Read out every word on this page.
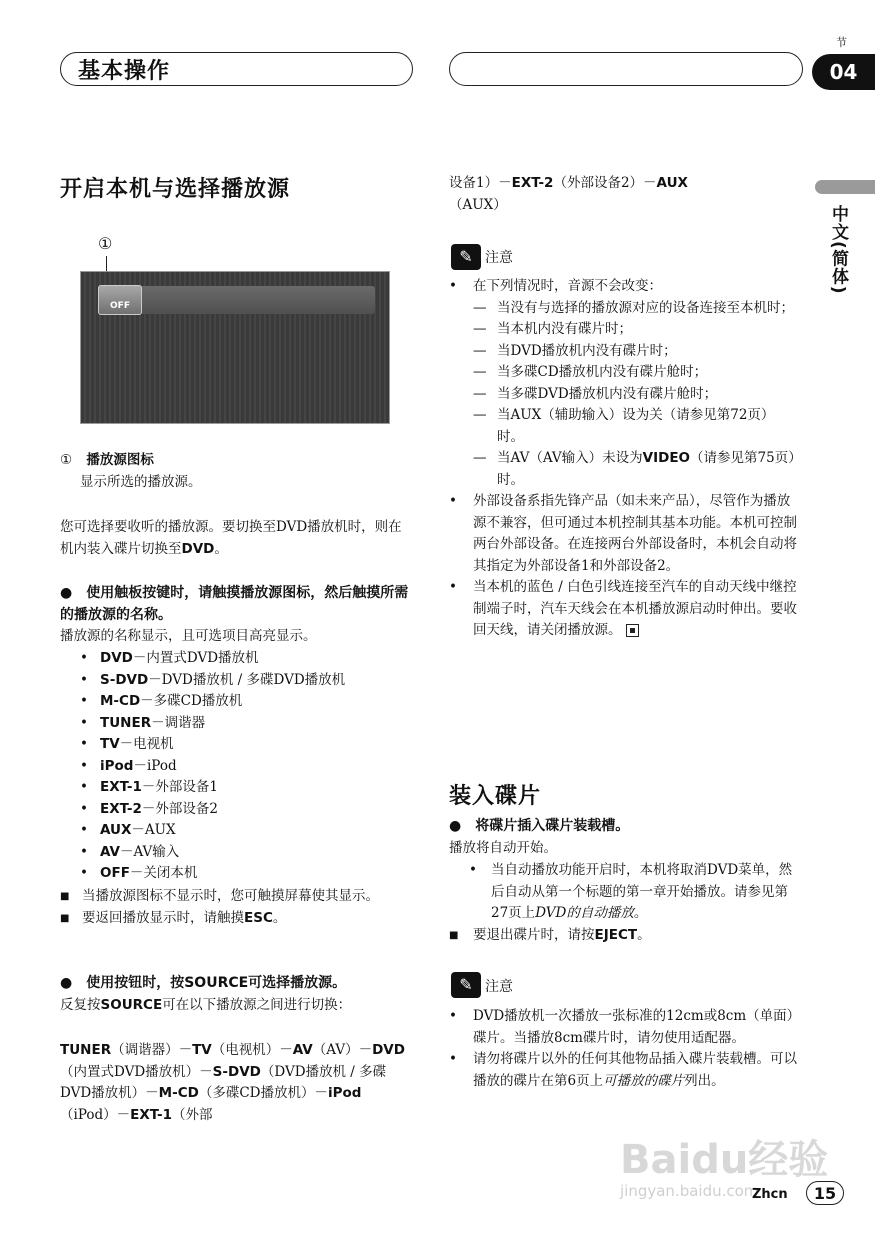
基本操作
节
04
中文(简体)
开启本机与选择播放源
①
OFF
① 播放源图标
显示所选的播放源。
您可选择要收听的播放源。要切换至DVD播放机时，则在机内装入碟片切换至DVD。
●　使用触板按键时，请触摸播放源图标，然后触摸所需的播放源的名称。
播放源的名称显示，且可选项目高亮显示。
• DVD－内置式DVD播放机
• S-DVD－DVD播放机 / 多碟DVD播放机
• M-CD－多碟CD播放机
• TUNER－调谐器
• TV－电视机
• iPod－iPod
• EXT-1－外部设备1
• EXT-2－外部设备2
• AUX－AUX
• AV－AV输入
• OFF－关闭本机
■ 当播放源图标不显示时，您可触摸屏幕使其显示。
■ 要返回播放显示时，请触摸ESC。
●　使用按钮时，按SOURCE可选择播放源。
反复按SOURCE可在以下播放源之间进行切换：
TUNER（调谐器）－TV（电视机）－AV（AV）－DVD（内置式DVD播放机）－S-DVD（DVD播放机 / 多碟DVD播放机）－M-CD（多碟CD播放机）－iPod（iPod）－EXT-1（外部
设备1）－EXT-2（外部设备2）－AUX
（AUX）
✎ 注意
• 在下列情况时，音源不会改变：
— 当没有与选择的播放源对应的设备连接至本机时；
— 当本机内没有碟片时；
— 当DVD播放机内没有碟片时；
— 当多碟CD播放机内没有碟片舱时；
— 当多碟DVD播放机内没有碟片舱时；
— 当AUX（辅助输入）设为关（请参见第72页）时。
— 当AV（AV输入）未设为VIDEO（请参见第75页）时。
• 外部设备系指先锋产品（如未来产品），尽管作为播放源不兼容，但可通过本机控制其基本功能。本机可控制两台外部设备。在连接两台外部设备时，本机会自动将其指定为外部设备1和外部设备2。
• 当本机的蓝色 / 白色引线连接至汽车的自动天线中继控制端子时，汽车天线会在本机播放源启动时伸出。要收回天线，请关闭播放源。
装入碟片
●　将碟片插入碟片装载槽。
播放将自动开始。
• 当自动播放功能开启时，本机将取消DVD菜单，然后自动从第一个标题的第一章开始播放。请参见第27页上DVD的自动播放。
■ 要退出碟片时，请按EJECT。
✎ 注意
• DVD播放机一次播放一张标准的12cm或8cm（单面）碟片。当播放8cm碟片时，请勿使用适配器。
• 请勿将碟片以外的任何其他物品插入碟片装载槽。可以播放的碟片在第6页上可播放的碟片列出。
Baidu经验
jingyan.baidu.com
Zhcn	15
